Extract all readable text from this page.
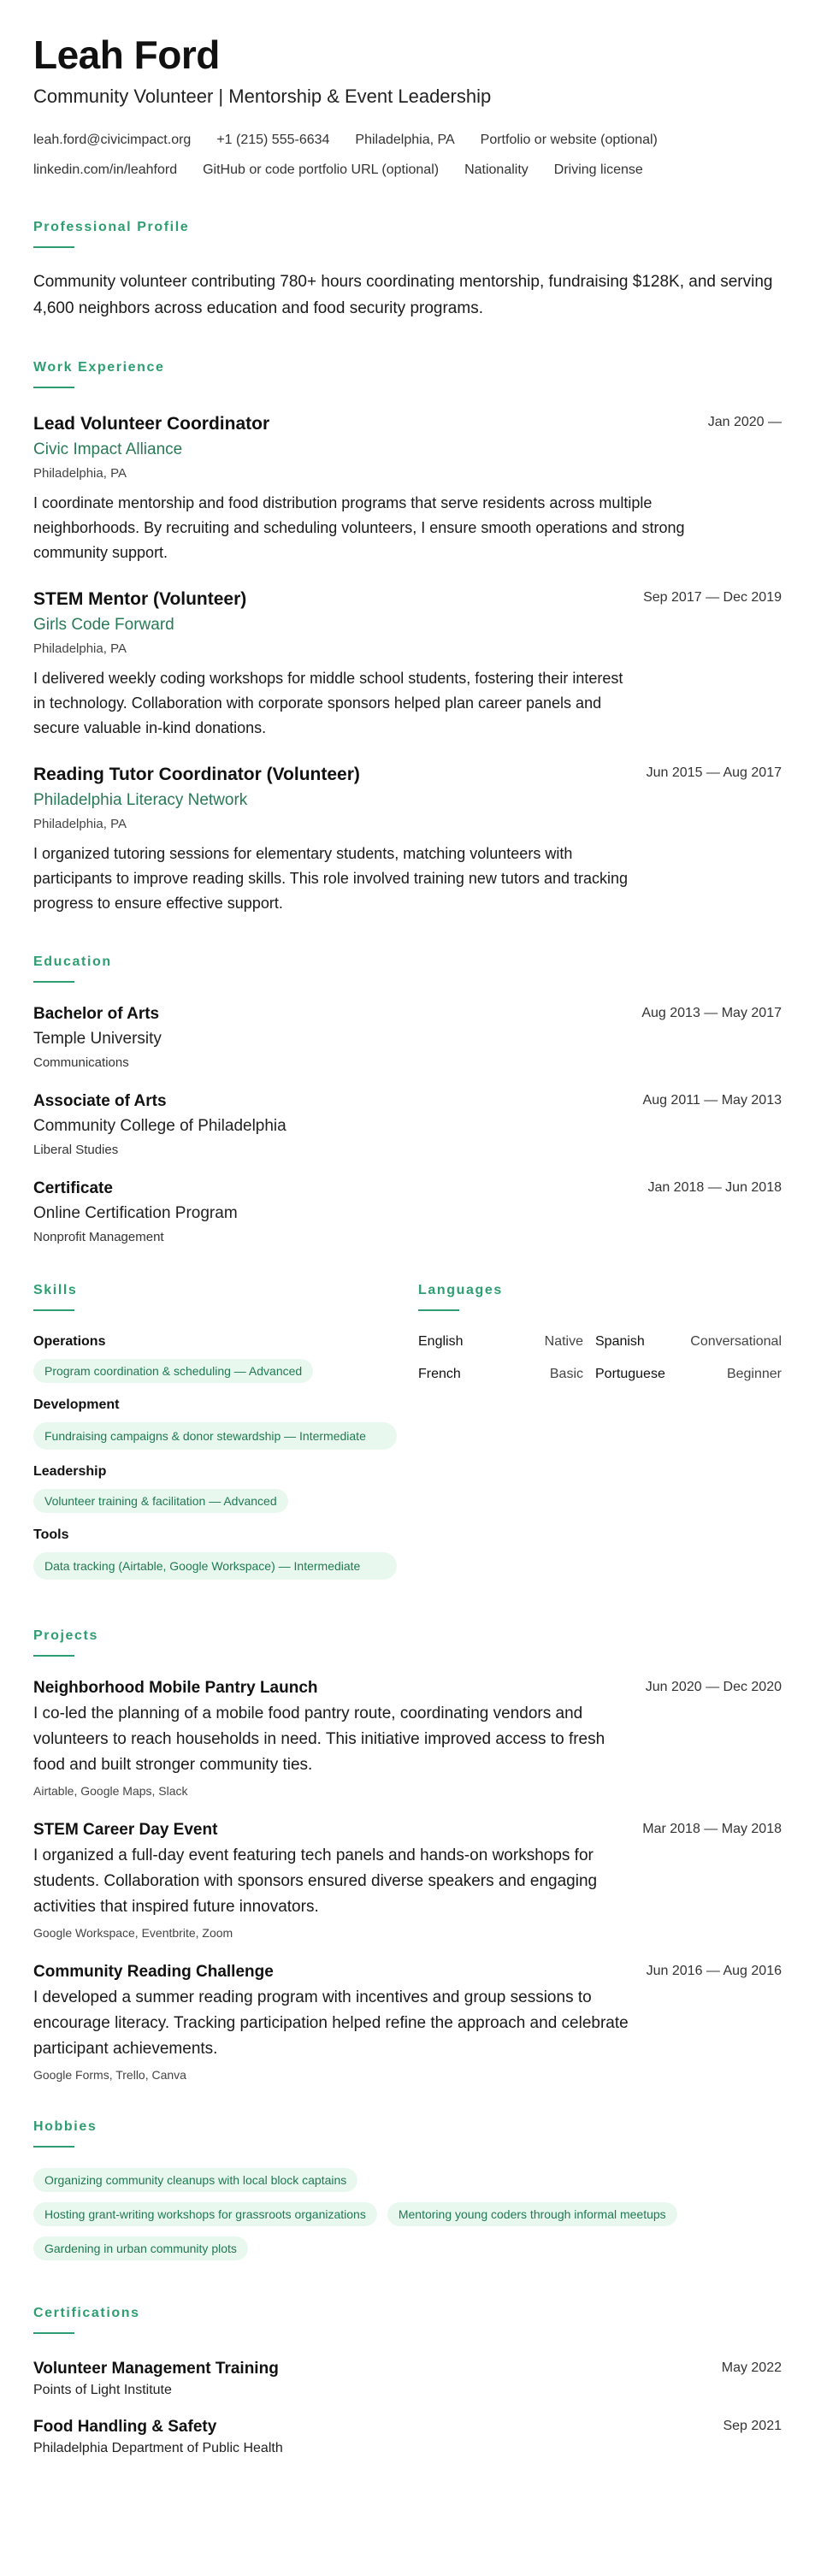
Leah Ford
Community Volunteer | Mentorship & Event Leadership
leah.ford@civicimpact.org +1 (215) 555-6634 Philadelphia, PA Portfolio or website (optional)
linkedin.com/in/leahford GitHub or code portfolio URL (optional) Nationality Driving license
Professional Profile
Community volunteer contributing 780+ hours coordinating mentorship, fundraising $128K, and serving 4,600 neighbors across education and food security programs.
Work Experience
Lead Volunteer Coordinator	Jan 2020 —
Civic Impact Alliance
Philadelphia, PA
I coordinate mentorship and food distribution programs that serve residents across multiple neighborhoods. By recruiting and scheduling volunteers, I ensure smooth operations and strong community support.
STEM Mentor (Volunteer)	Sep 2017 — Dec 2019
Girls Code Forward
Philadelphia, PA
I delivered weekly coding workshops for middle school students, fostering their interest in technology. Collaboration with corporate sponsors helped plan career panels and secure valuable in-kind donations.
Reading Tutor Coordinator (Volunteer)	Jun 2015 — Aug 2017
Philadelphia Literacy Network
Philadelphia, PA
I organized tutoring sessions for elementary students, matching volunteers with participants to improve reading skills. This role involved training new tutors and tracking progress to ensure effective support.
Education
Bachelor of Arts	Aug 2013 — May 2017
Temple University
Communications
Associate of Arts	Aug 2011 — May 2013
Community College of Philadelphia
Liberal Studies
Certificate	Jan 2018 — Jun 2018
Online Certification Program
Nonprofit Management
Skills
Operations
Program coordination & scheduling — Advanced
Development
Fundraising campaigns & donor stewardship — Intermediate
Leadership
Volunteer training & facilitation — Advanced
Tools
Data tracking (Airtable, Google Workspace) — Intermediate
Languages
English	Native Spanish	Conversational
French	Basic Portuguese	Beginner
Projects
Neighborhood Mobile Pantry Launch	Jun 2020 — Dec 2020
I co-led the planning of a mobile food pantry route, coordinating vendors and volunteers to reach households in need. This initiative improved access to fresh food and built stronger community ties.
Airtable, Google Maps, Slack
STEM Career Day Event	Mar 2018 — May 2018
I organized a full-day event featuring tech panels and hands-on workshops for students. Collaboration with sponsors ensured diverse speakers and engaging activities that inspired future innovators.
Google Workspace, Eventbrite, Zoom
Community Reading Challenge	Jun 2016 — Aug 2016
I developed a summer reading program with incentives and group sessions to encourage literacy. Tracking participation helped refine the approach and celebrate participant achievements.
Google Forms, Trello, Canva
Hobbies
Organizing community cleanups with local block captains
Hosting grant-writing workshops for grassroots organizations	Mentoring young coders through informal meetups
Gardening in urban community plots
Certifications
Volunteer Management Training
Points of Light Institute
May 2022
Food Handling & Safety
Philadelphia Department of Public Health
Sep 2021
